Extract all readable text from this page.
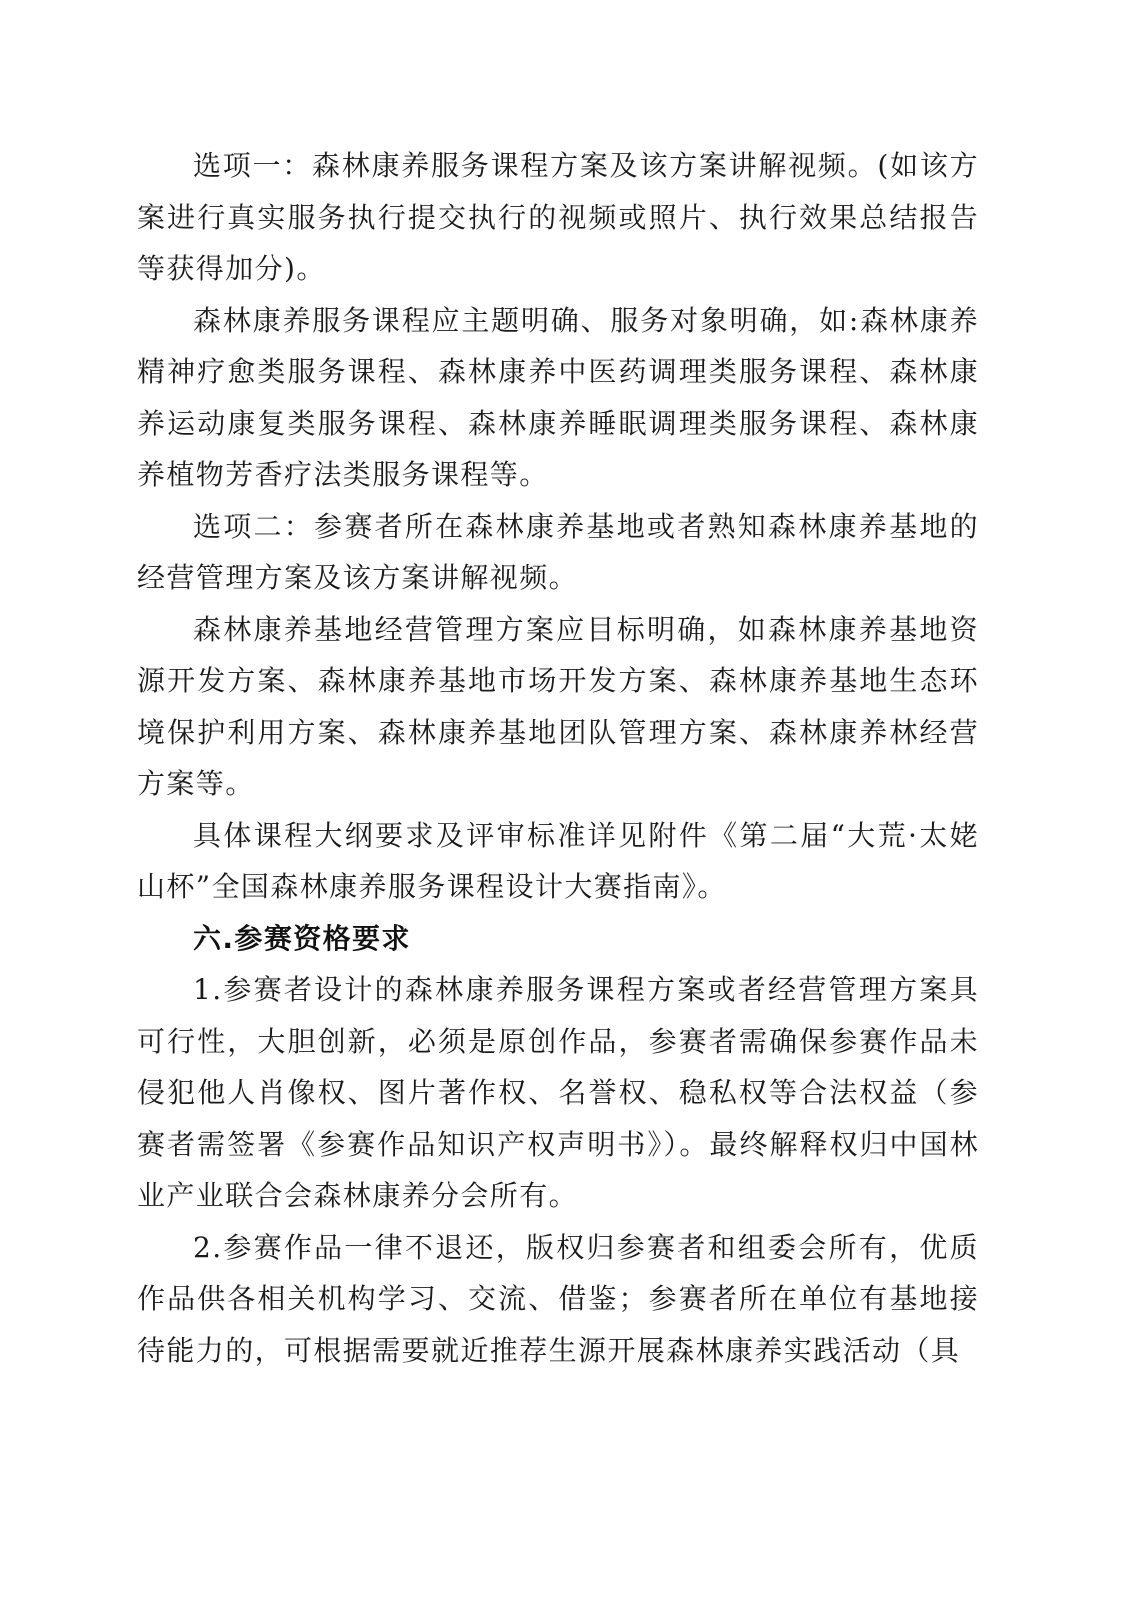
选项一：森林康养服务课程方案及该方案讲解视频。(如该方案进行真实服务执行提交执行的视频或照片、执行效果总结报告等获得加分)。

森林康养服务课程应主题明确、服务对象明确，如:森林康养精神疗愈类服务课程、森林康养中医药调理类服务课程、森林康养运动康复类服务课程、森林康养睡眠调理类服务课程、森林康养植物芳香疗法类服务课程等。

选项二：参赛者所在森林康养基地或者熟知森林康养基地的经营管理方案及该方案讲解视频。

森林康养基地经营管理方案应目标明确，如森林康养基地资源开发方案、森林康养基地市场开发方案、森林康养基地生态环境保护利用方案、森林康养基地团队管理方案、森林康养林经营方案等。

具体课程大纲要求及评审标准详见附件《第二届“大荒·太姥山杯”全国森林康养服务课程设计大赛指南》。

六.参赛资格要求

1.参赛者设计的森林康养服务课程方案或者经营管理方案具可行性，大胆创新，必须是原创作品，参赛者需确保参赛作品未侵犯他人肖像权、图片著作权、名誉权、稳私权等合法权益（参赛者需签署《参赛作品知识产权声明书》）。最终解释权归中国林业产业联合会森林康养分会所有。

2.参赛作品一律不退还，版权归参赛者和组委会所有，优质作品供各相关机构学习、交流、借鉴；参赛者所在单位有基地接待能力的，可根据需要就近推荐生源开展森林康养实践活动（具
